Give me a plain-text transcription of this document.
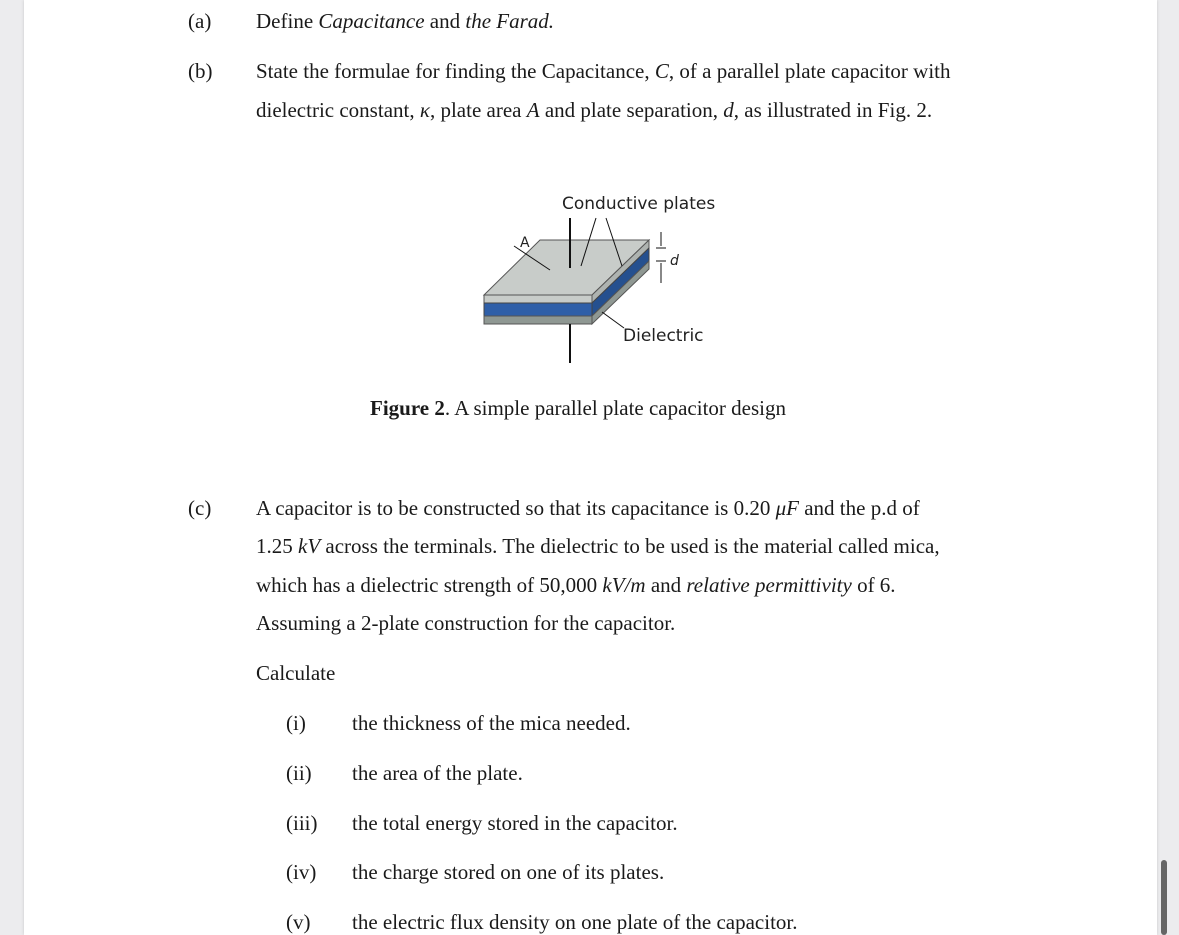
(a) Define Capacitance and the Farad.
(b) State the formulae for finding the Capacitance, C, of a parallel plate capacitor with
dielectric constant, κ, plate area A and plate separation, d, as illustrated in Fig. 2.
Conductive plates
A
d
Dielectric
Figure 2. A simple parallel plate capacitor design
(c) A capacitor is to be constructed so that its capacitance is 0.20 μF and the p.d of
1.25 kV across the terminals. The dielectric to be used is the material called mica,
which has a dielectric strength of 50,000 kV/m and relative permittivity of 6.
Assuming a 2-plate construction for the capacitor.
Calculate
(i) the thickness of the mica needed.
(ii) the area of the plate.
(iii) the total energy stored in the capacitor.
(iv) the charge stored on one of its plates.
(v) the electric flux density on one plate of the capacitor.
